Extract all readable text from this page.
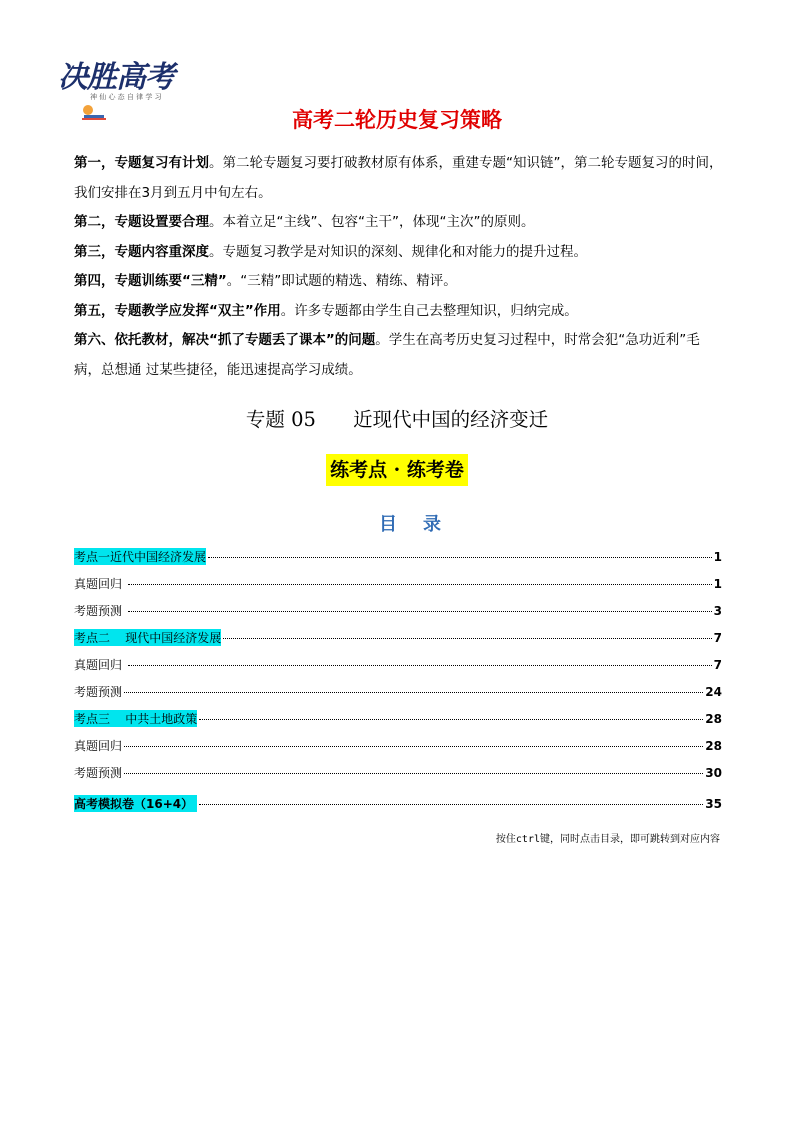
决胜高考
神 仙 心 态 自 律 学 习
高考二轮历史复习策略

第一，专题复习有计划。第二轮专题复习要打破教材原有体系，重建专题“知识链”，第二轮专题复习的时间，我们安排在3月到五月中旬左右。

第二，专题设置要合理。本着立足“主线”、包容“主干”，体现“主次”的原则。

第三，专题内容重深度。专题复习教学是对知识的深刻、规律化和对能力的提升过程。

第四，专题训练要“三精”。“三精”即试题的精选、精练、精评。

第五，专题教学应发挥“双主”作用。许多专题都由学生自己去整理知识，归纳完成。

第六、依托教材，解决“抓了专题丢了课本”的问题。学生在高考历史复习过程中，时常会犯“急功近利”毛病，总想通 过某些捷径，能迅速提高学习成绩。

专题 05      近现代中国的经济变迁
练考点 · 练考卷
目录
考点一近代中国经济发展	1
真题回归	1
考题预测	3
考点二    现代中国经济发展	7
真题回归	7
考题预测	24
考点三    中共土地政策	28
真题回归	28
考题预测	30
高考模拟卷（16+4）	35
按住ctrl键，同时点击目录，即可跳转到对应内容
